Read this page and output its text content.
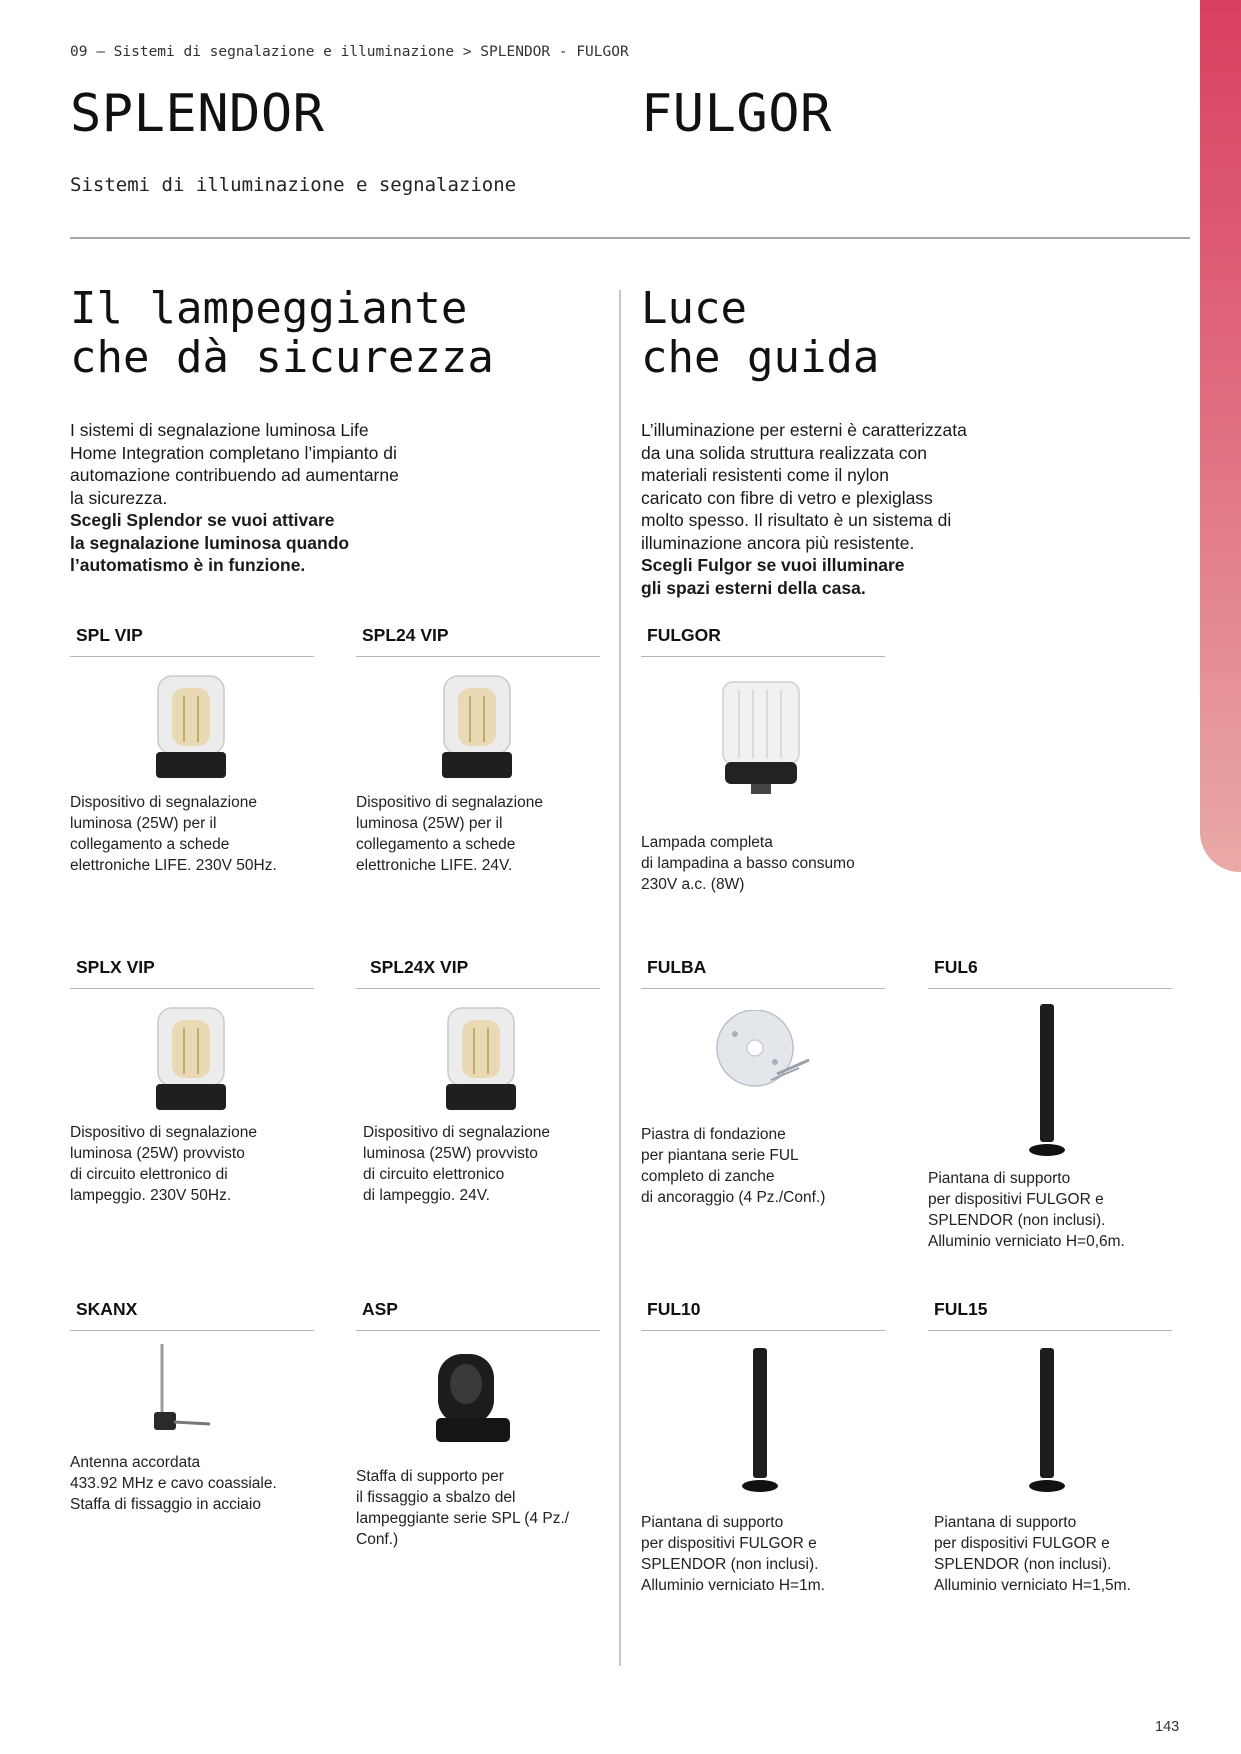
09 — Sistemi di segnalazione e illuminazione > SPLENDOR - FULGOR
SPLENDOR	FULGOR
Sistemi di illuminazione e segnalazione
Il lampeggiante
che dà sicurezza
I sistemi di segnalazione luminosa Life
Home Integration completano l’impianto di
automazione contribuendo ad aumentarne
la sicurezza.
Scegli Splendor se vuoi attivare
la segnalazione luminosa quando
l’automatismo è in funzione.
Luce
che guida
L’illuminazione per esterni è caratterizzata
da una solida struttura realizzata con
materiali resistenti come il nylon
caricato con fibre di vetro e plexiglass
molto spesso. Il risultato è un sistema di
illuminazione ancora più resistente.
Scegli Fulgor se vuoi illuminare
gli spazi esterni della casa.
SPL VIP
Dispositivo di segnalazione
luminosa (25W) per il
collegamento a schede
elettroniche LIFE. 230V 50Hz.
SPL24 VIP
Dispositivo di segnalazione
luminosa (25W) per il
collegamento a schede
elettroniche LIFE. 24V.
FULGOR
Lampada completa
di lampadina a basso consumo
230V a.c. (8W)
SPLX VIP
Dispositivo di segnalazione
luminosa (25W) provvisto
di circuito elettronico di
lampeggio. 230V 50Hz.
SPL24X VIP
Dispositivo di segnalazione
luminosa (25W) provvisto
di circuito elettronico
di lampeggio. 24V.
FULBA
Piastra di fondazione
per piantana serie FUL
completo di zanche
di ancoraggio (4 Pz./Conf.)
FUL6
Piantana di supporto
per dispositivi FULGOR e
SPLENDOR (non inclusi).
Alluminio verniciato H=0,6m.
SKANX
Antenna accordata
433.92 MHz e cavo coassiale.
Staffa di fissaggio in acciaio
ASP
Staffa di supporto per
il fissaggio a sbalzo del
lampeggiante serie SPL (4 Pz./
Conf.)
FUL10
Piantana di supporto
per dispositivi FULGOR e
SPLENDOR (non inclusi).
Alluminio verniciato H=1m.
FUL15
Piantana di supporto
per dispositivi FULGOR e
SPLENDOR (non inclusi).
Alluminio verniciato H=1,5m.
143
